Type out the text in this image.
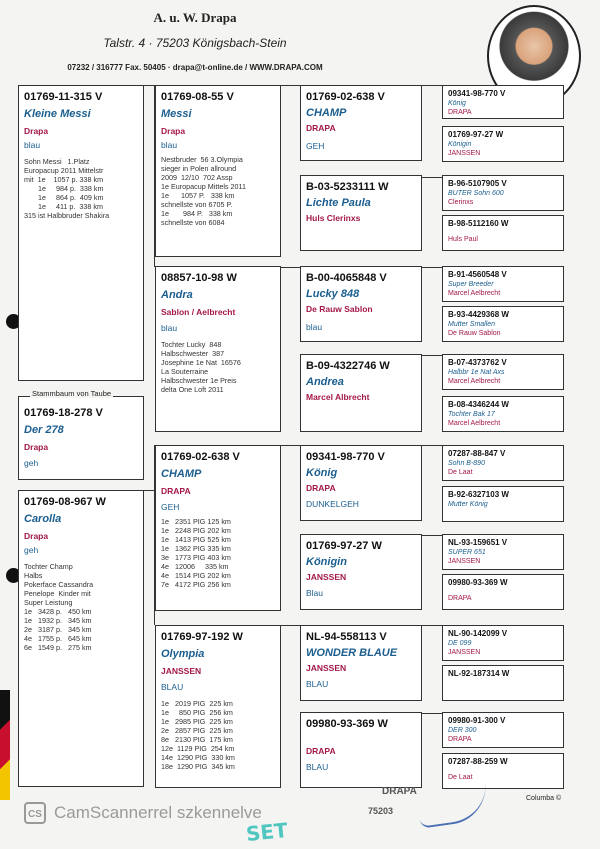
A. u. W. Drapa
Talstr. 4 · 75203 Königsbach-Stein
07232 / 316777 Fax. 50405 · drapa@t-online.de / WWW.DRAPA.COM
01769-11-315 V
Kleine Messi
Drapa
blau
Sohn Messi   1.Platz
Europacup 2011 Mittelstr
mit  1e    1057 p. 338 km
1e     984 p.  338 km
1e     864 p.  409 km
1e     411 p.  338 km
315 ist Halbbruder Shakira
Stammbaum von Taube
01769-18-278 V
Der 278
Drapa
geh
01769-08-967 W
Carolla
Drapa
geh
Tochter Champ
Halbs
Pokerface Cassandra
Penelope  Kinder mit
Super Leistung
1e   3428 p.   450 km
1e   1932 p.   345 km
2e   3187 p.   345 km
4e   1755 p.   645 km
6e   1549 p.   275 km
01769-08-55 V
Messi
Drapa
blau
Nestbruder  56 3.Olympia
sieger in Polen allround
2009  12/10  702 Assp
1e Europacup Mittels 2011
1e      1057 P.   338 km
schnellste von 6705 P.
1e       984 P.   338 km
schnellste von 6084
08857-10-98 W
Andra
Sablon / Aelbrecht
blau
Tochter Lucky  848
Halbschwester  387
Josephine 1e Nat  16576
La Souterraine
Halbschwester 1e Preis
delta One Loft 2011
01769-02-638 V
CHAMP
DRAPA
GEH
1e   2351 PIG 125 km
1e   2248 PIG 202 km
1e   1413 PIG 525 km
1e   1362 PIG 335 km
3e   1773 PIG 403 km
4e   12006     335 km
4e   1514 PIG 202 km
7e   4172 PIG 256 km
01769-97-192 W
Olympia
JANSSEN
BLAU
1e   2019 PIG  225 km
1e     850 PIG  256 km
1e   2985 PIG  225 km
2e   2857 PIG  225 km
8e   2130 PIG  175 km
12e  1129 PIG  254 km
14e  1290 PIG  330 km
18e  1290 PIG  345 km
01769-02-638 V
CHAMP
DRAPA
GEH
B-03-5233111 W
Lichte Paula
Huls Clerinxs
B-00-4065848 V
Lucky 848
De Rauw Sablon
blau
B-09-4322746 W
Andrea
Marcel Albrecht
09341-98-770 V
König
DRAPA
DUNKELGEH
01769-97-27 W
Königin
JANSSEN
Blau
NL-94-558113 V
WONDER BLAUE
JANSSEN
BLAU
09980-93-369 W
DRAPA
BLAU
09341-98-770 V
König
DRAPA
01769-97-27 W
Königin
JANSSEN
B-96-5107905 V
BUTER Sohn 600
Clerinxs
B-98-5112160 W
Huls Paul
B-91-4560548 V
Super Breeder
Marcel Aelbrecht
B-93-4429368 W
Mutter Smallen
De Rauw Sablon
B-07-4373762 V
Halbbr 1e Nat Axs
Marcel Aelbrecht
B-08-4346244 W
Tochter Bak 17
Marcel Aelbrecht
07287-88-847 V
Sohn B-890
De Laat
B-92-6327103 W
Mutter König
NL-93-159651 V
SUPER 651
JANSSEN
09980-93-369 W
DRAPA
NL-90-142099 V
DE 099
JANSSEN
NL-92-187314 W
09980-91-300 V
DER 300
DRAPA
07287-88-259 W
De Laat
CS CamScannerrel szkennelve
Columba ©
DRAPA
75203
SET
